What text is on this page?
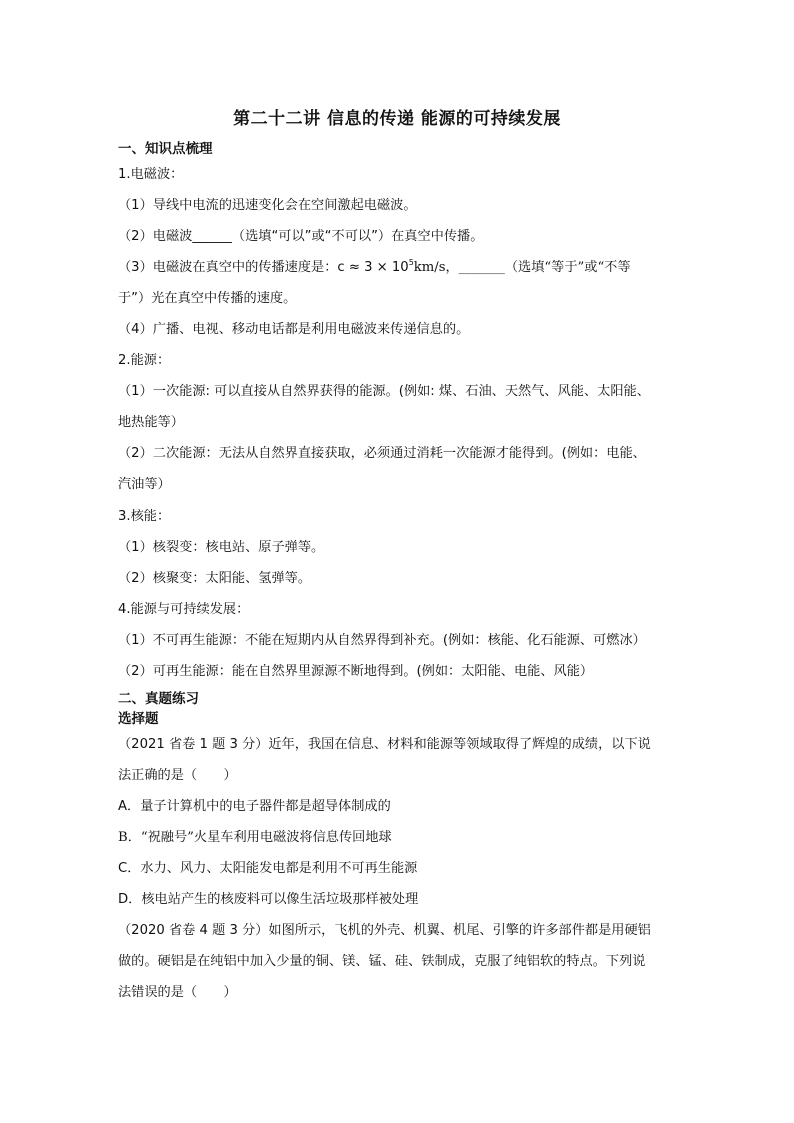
第二十二讲 信息的传递 能源的可持续发展
一、知识点梳理
1.电磁波：
（1）导线中电流的迅速变化会在空间激起电磁波。
（2）电磁波______（选填“可以”或“不可以”）在真空中传播。
（3）电磁波在真空中的传播速度是：$c \approx 3 \times 10^5km/s$，_______（选填“等于”或“不等
于”）光在真空中传播的速度。
（4）广播、电视、移动电话都是利用电磁波来传递信息的。
2.能源：
（1）一次能源: 可以直接从自然界获得的能源。(例如: 煤、石油、天然气、风能、太阳能、
地热能等）
（2）二次能源：无法从自然界直接获取，必须通过消耗一次能源才能得到。(例如：电能、
汽油等）
3.核能：
（1）核裂变：核电站、原子弹等。
（2）核聚变：太阳能、氢弹等。
4.能源与可持续发展：
（1）不可再生能源：不能在短期内从自然界得到补充。(例如：核能、化石能源、可燃冰）
（2）可再生能源：能在自然界里源源不断地得到。(例如：太阳能、电能、风能）
二、真题练习
选择题
（2021 省卷 1 题 3 分）近年，我国在信息、材料和能源等领域取得了辉煌的成绩，以下说
法正确的是（　　）
A．量子计算机中的电子器件都是超导体制成的
B．“祝融号”火星车利用电磁波将信息传回地球
C．水力、风力、太阳能发电都是利用不可再生能源
D．核电站产生的核废料可以像生活垃圾那样被处理
（2020 省卷 4 题 3 分）如图所示，飞机的外壳、机翼、机尾、引擎的许多部件都是用硬铝
做的。硬铝是在纯铝中加入少量的铜、镁、锰、硅、铁制成，克服了纯铝软的特点。下列说
法错误的是（　　）
